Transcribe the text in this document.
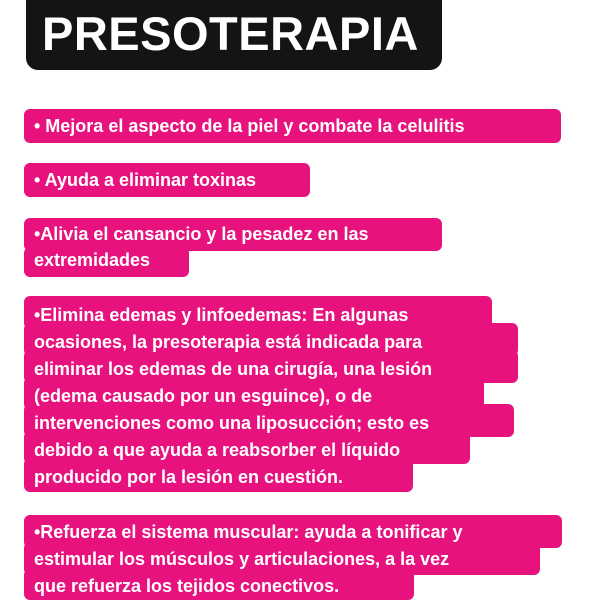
PRESOTERAPIA
• Mejora el aspecto de la piel y combate la celulitis
• Ayuda a eliminar toxinas
•Alivia el cansancio y la pesadez en las
extremidades
•Elimina edemas y linfoedemas: En algunas
ocasiones, la presoterapia está indicada para
eliminar los edemas de una cirugía, una lesión
(edema causado por un esguince), o de
intervenciones como una liposucción; esto es
debido a que ayuda a reabsorber el líquido
producido por la lesión en cuestión.
•Refuerza el sistema muscular: ayuda a tonificar y
estimular los músculos y articulaciones, a la vez
que refuerza los tejidos conectivos.
